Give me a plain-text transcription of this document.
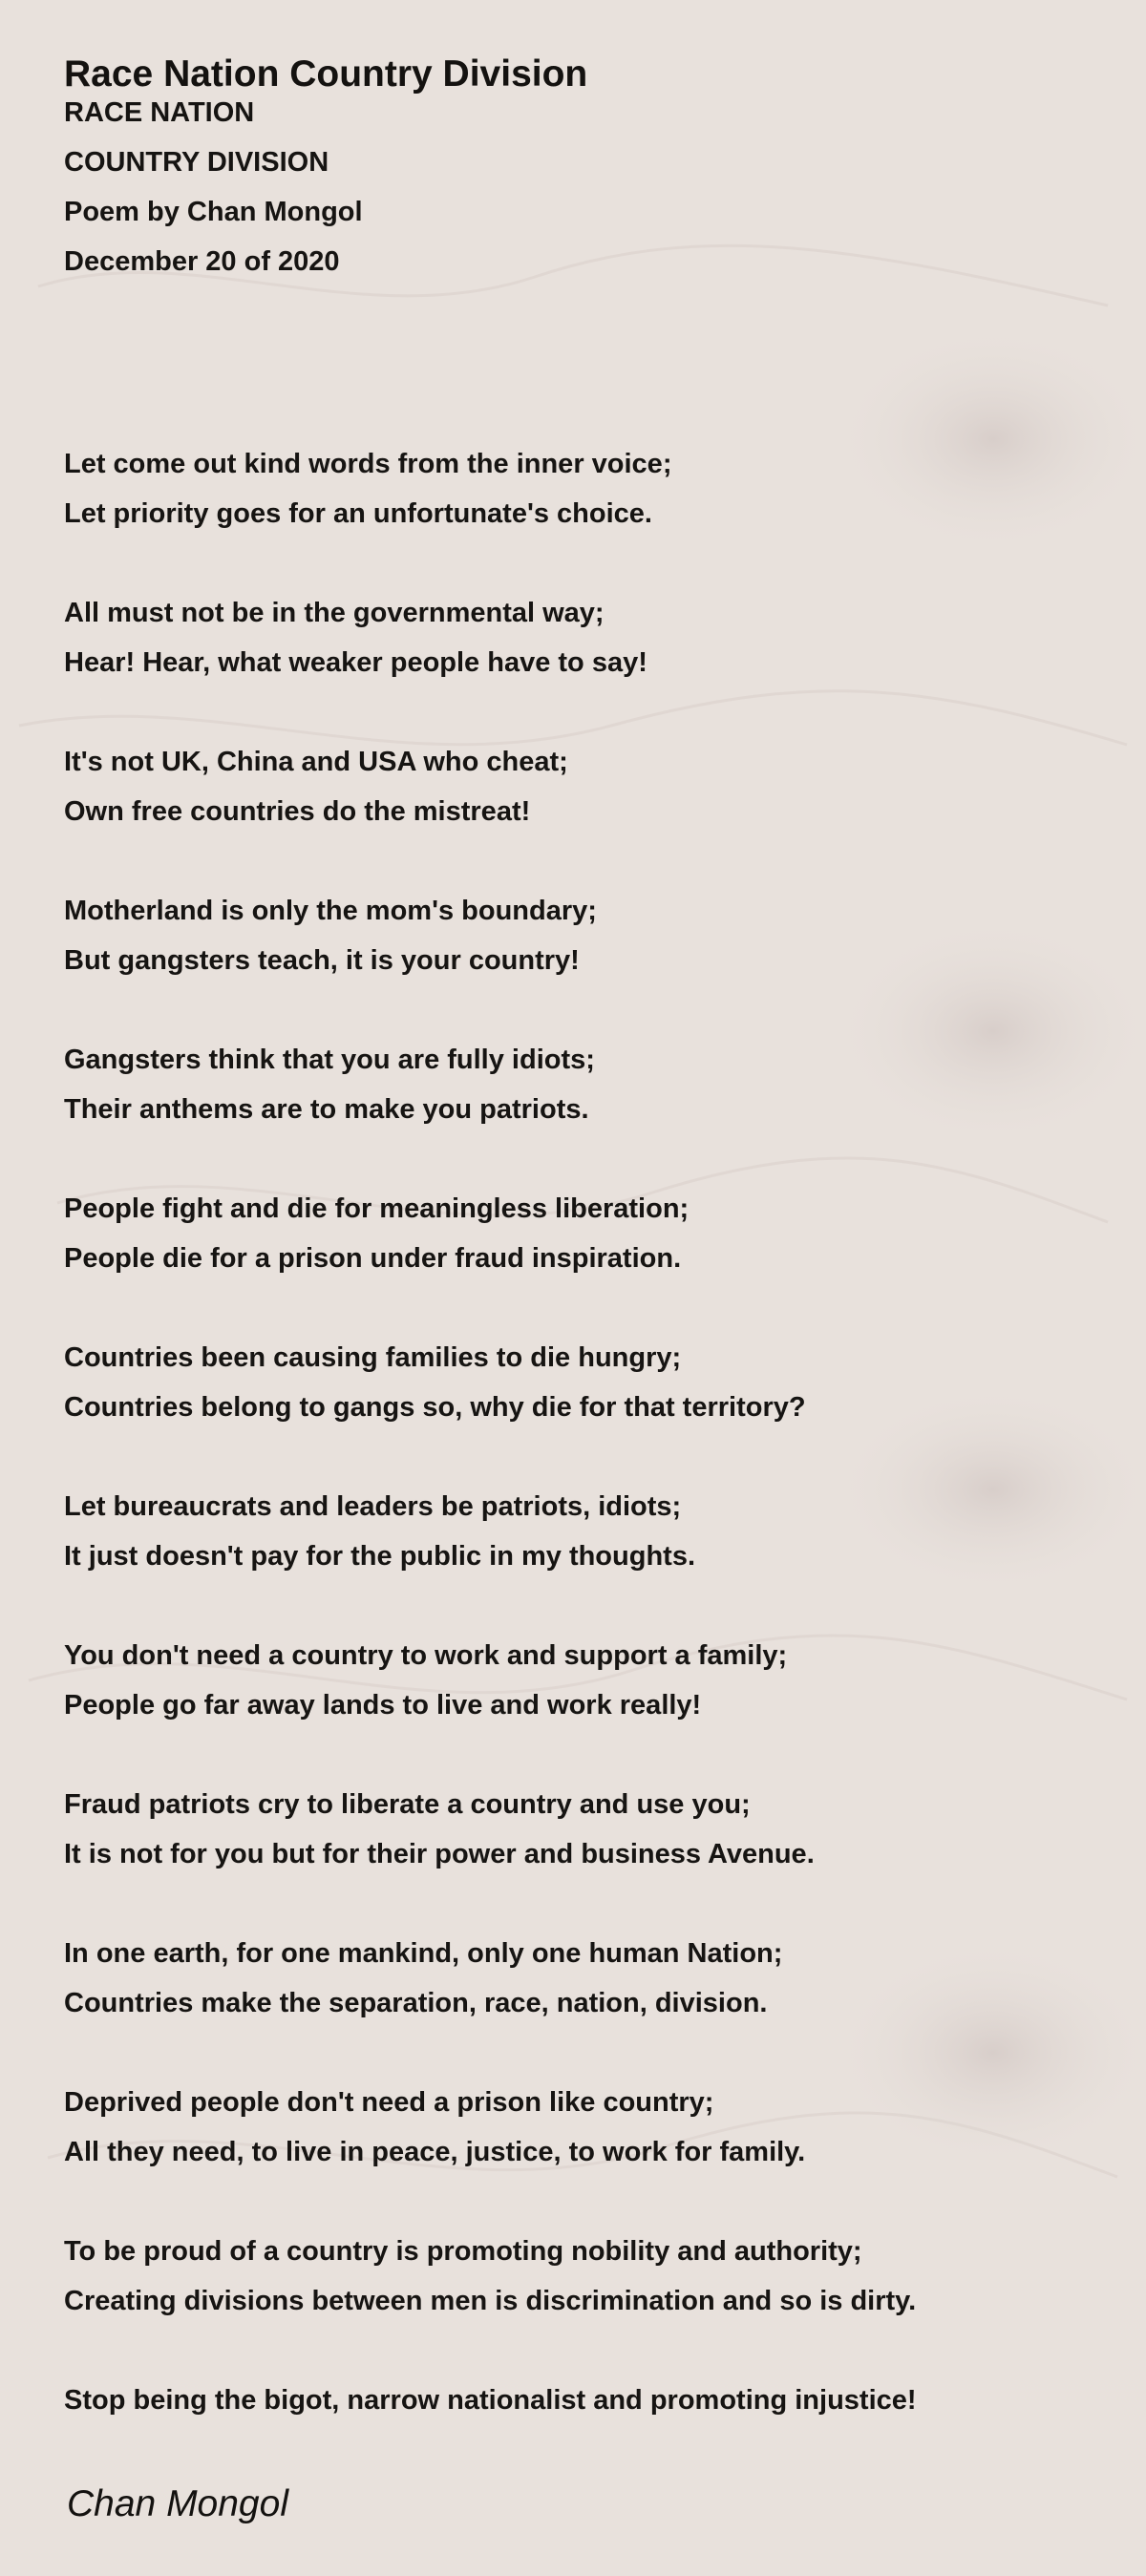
Race Nation Country Division
RACE NATION
COUNTRY DIVISION
Poem by Chan Mongol
December 20 of 2020
Let come out kind words from the inner voice;
Let priority goes for an unfortunate's choice.
All must not be in the governmental way;
Hear! Hear, what weaker people have to say!
It's not UK, China and USA who cheat;
Own free countries do the mistreat!
Motherland is only the mom's boundary;
But gangsters teach, it is your country!
Gangsters think that you are fully idiots;
Their anthems are to make you patriots.
People fight and die for meaningless liberation;
People die for a prison under fraud inspiration.
Countries been causing families to die hungry;
Countries belong to gangs so, why die for that territory?
Let bureaucrats and leaders be patriots, idiots;
It just doesn't pay for the public in my thoughts.
You don't need a country to work and support a family;
People go far away lands to live and work really!
Fraud patriots cry to liberate a country and use you;
It is not for you but for their power and business Avenue.
In one earth, for one mankind, only one human Nation;
Countries make the separation, race, nation, division.
Deprived people don't need a prison like country;
All they need, to live in peace, justice, to work for family.
To be proud of a country is promoting nobility and authority;
Creating divisions between men is discrimination and so is dirty.
Stop being the bigot, narrow nationalist and promoting injustice!
Chan Mongol
